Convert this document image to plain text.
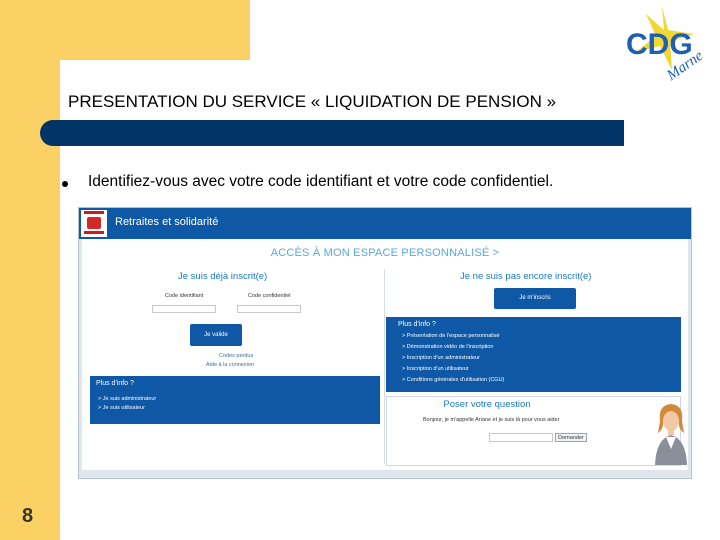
CDG
Marne
PRESENTATION DU SERVICE « LIQUIDATION DE PENSION »
Identifiez-vous avec votre code identifiant et votre code confidentiel.
Retraites et solidarité
ACCÈS À MON ESPACE PERSONNALISÉ >
Je suis déjà inscrit(e)
Code identifiant	Code confidentiel
Je valide
Codes perdus
Aide à la connexion
Plus d'info ?
> Je suis administrateur
> Je suis utilisateur
Je ne suis pas encore inscrit(e)
Je m'inscris
Plus d'info ?
> Présentation de l'espace personnalisé
> Démonstration vidéo de l'inscription
> Inscription d'un administrateur
> Inscription d'un utilisateur
> Conditions générales d'utilisation (CGU)
Poser votre question
Bonjour, je m'appelle Ariane et je suis là pour vous aider
Demander
8
